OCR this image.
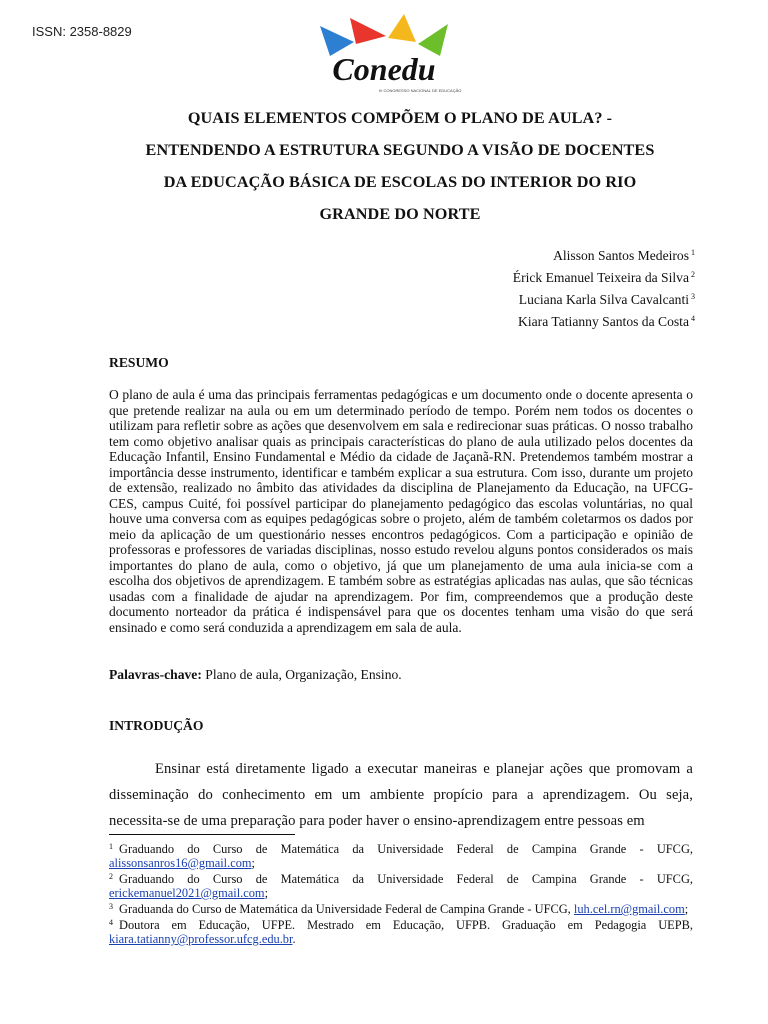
ISSN: 2358-8829
Conedu
IV CONGRESSO NACIONAL DE EDUCAÇÃO
QUAIS ELEMENTOS COMPÕEM O PLANO DE AULA? -
ENTENDENDO A ESTRUTURA SEGUNDO A VISÃO DE DOCENTES
DA EDUCAÇÃO BÁSICA DE ESCOLAS DO INTERIOR DO RIO
GRANDE DO NORTE
Alisson Santos Medeiros $^1$
Érick Emanuel Teixeira da Silva $^2$
Luciana Karla Silva Cavalcanti $^3$
Kiara Tatianny Santos da Costa $^4$
RESUMO
O plano de aula é uma das principais ferramentas pedagógicas e um documento onde o docente apresenta o que pretende realizar na aula ou em um determinado período de tempo. Porém nem todos os docentes o utilizam para refletir sobre as ações que desenvolvem em sala e redirecionar suas práticas. O nosso trabalho tem como objetivo analisar quais as principais características do plano de aula utilizado pelos docentes da Educação Infantil, Ensino Fundamental e Médio da cidade de Jaçanã-RN. Pretendemos também mostrar a importância desse instrumento, identificar e também explicar a sua estrutura. Com isso, durante um projeto de extensão, realizado no âmbito das atividades da disciplina de Planejamento da Educação, na UFCG-CES, campus Cuité, foi possível participar do planejamento pedagógico das escolas voluntárias, no qual houve uma conversa com as equipes pedagógicas sobre o projeto, além de também coletarmos os dados por meio da aplicação de um questionário nesses encontros pedagógicos. Com a participação e opinião de professoras e professores de variadas disciplinas, nosso estudo revelou alguns pontos considerados os mais importantes do plano de aula, como o objetivo, já que um planejamento de uma aula inicia-se com a escolha dos objetivos de aprendizagem. E também sobre as estratégias aplicadas nas aulas, que são técnicas usadas com a finalidade de ajudar na aprendizagem. Por fim, compreendemos que a produção deste documento norteador da prática é indispensável para que os docentes tenham uma visão do que será ensinado e como será conduzida a aprendizagem em sala de aula.
Palavras-chave: Plano de aula, Organização, Ensino.
INTRODUÇÃO
Ensinar está diretamente ligado a executar maneiras e planejar ações que promovam a disseminação do conhecimento em um ambiente propício para a aprendizagem. Ou seja, necessita-se de uma preparação para poder haver o ensino-aprendizagem entre pessoas em
$^1$ Graduando do Curso de Matemática da Universidade Federal de Campina Grande - UFCG, alissonsanros16@gmail.com;
$^2$ Graduando do Curso de Matemática da Universidade Federal de Campina Grande - UFCG, erickemanuel2021@gmail.com;
$^3$ Graduanda do Curso de Matemática da Universidade Federal de Campina Grande - UFCG, luh.cel.rn@gmail.com;
$^4$ Doutora em Educação, UFPE. Mestrado em Educação, UFPB. Graduação em Pedagogia UEPB, kiara.tatianny@professor.ufcg.edu.br.
